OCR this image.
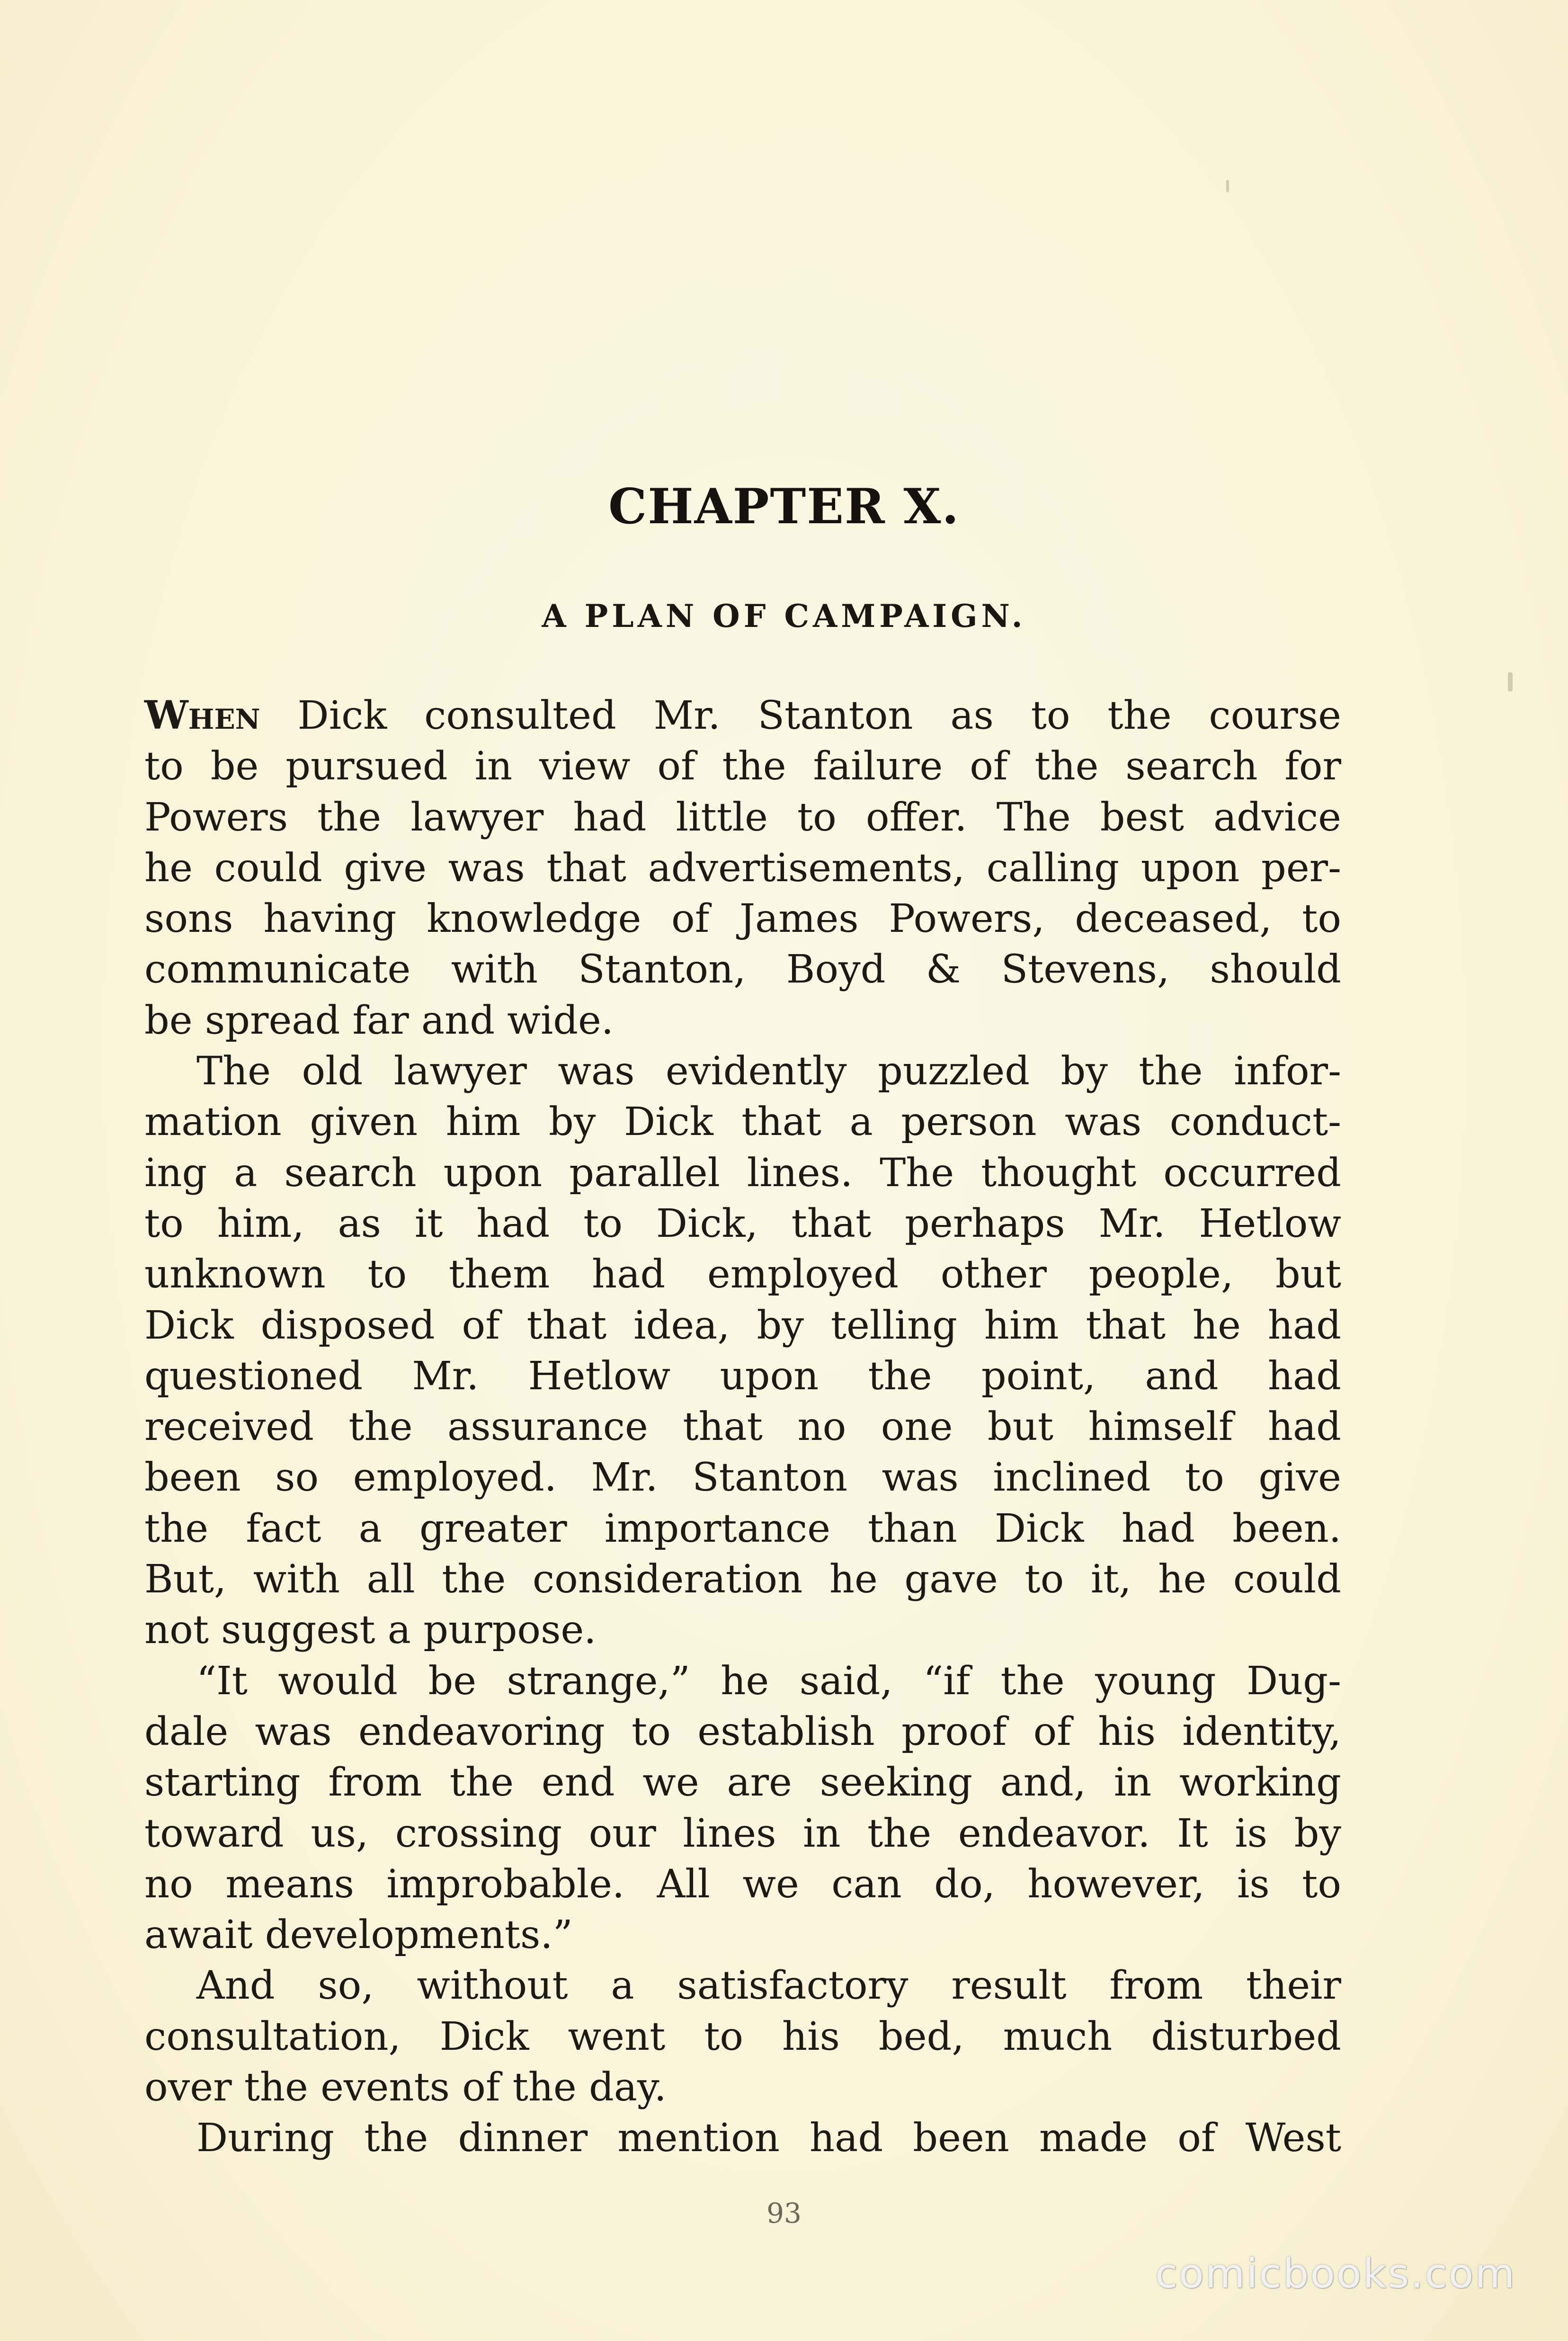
CHAPTER X.
A PLAN OF CAMPAIGN.
When Dick consulted Mr. Stanton as to the course
to be pursued in view of the failure of the search for
Powers the lawyer had little to offer. The best advice
he could give was that advertisements, calling upon per-
sons having knowledge of James Powers, deceased, to
communicate with Stanton, Boyd & Stevens, should
be spread far and wide.
The old lawyer was evidently puzzled by the infor-
mation given him by Dick that a person was conduct-
ing a search upon parallel lines. The thought occurred
to him, as it had to Dick, that perhaps Mr. Hetlow
unknown to them had employed other people, but
Dick disposed of that idea, by telling him that he had
questioned Mr. Hetlow upon the point, and had
received the assurance that no one but himself had
been so employed. Mr. Stanton was inclined to give
the fact a greater importance than Dick had been.
But, with all the consideration he gave to it, he could
not suggest a purpose.
“It would be strange,” he said, “if the young Dug-
dale was endeavoring to establish proof of his identity,
starting from the end we are seeking and, in working
toward us, crossing our lines in the endeavor. It is by
no means improbable. All we can do, however, is to
await developments.”
And so, without a satisfactory result from their
consultation, Dick went to his bed, much disturbed
over the events of the day.
During the dinner mention had been made of West
93
comicbooks.com
